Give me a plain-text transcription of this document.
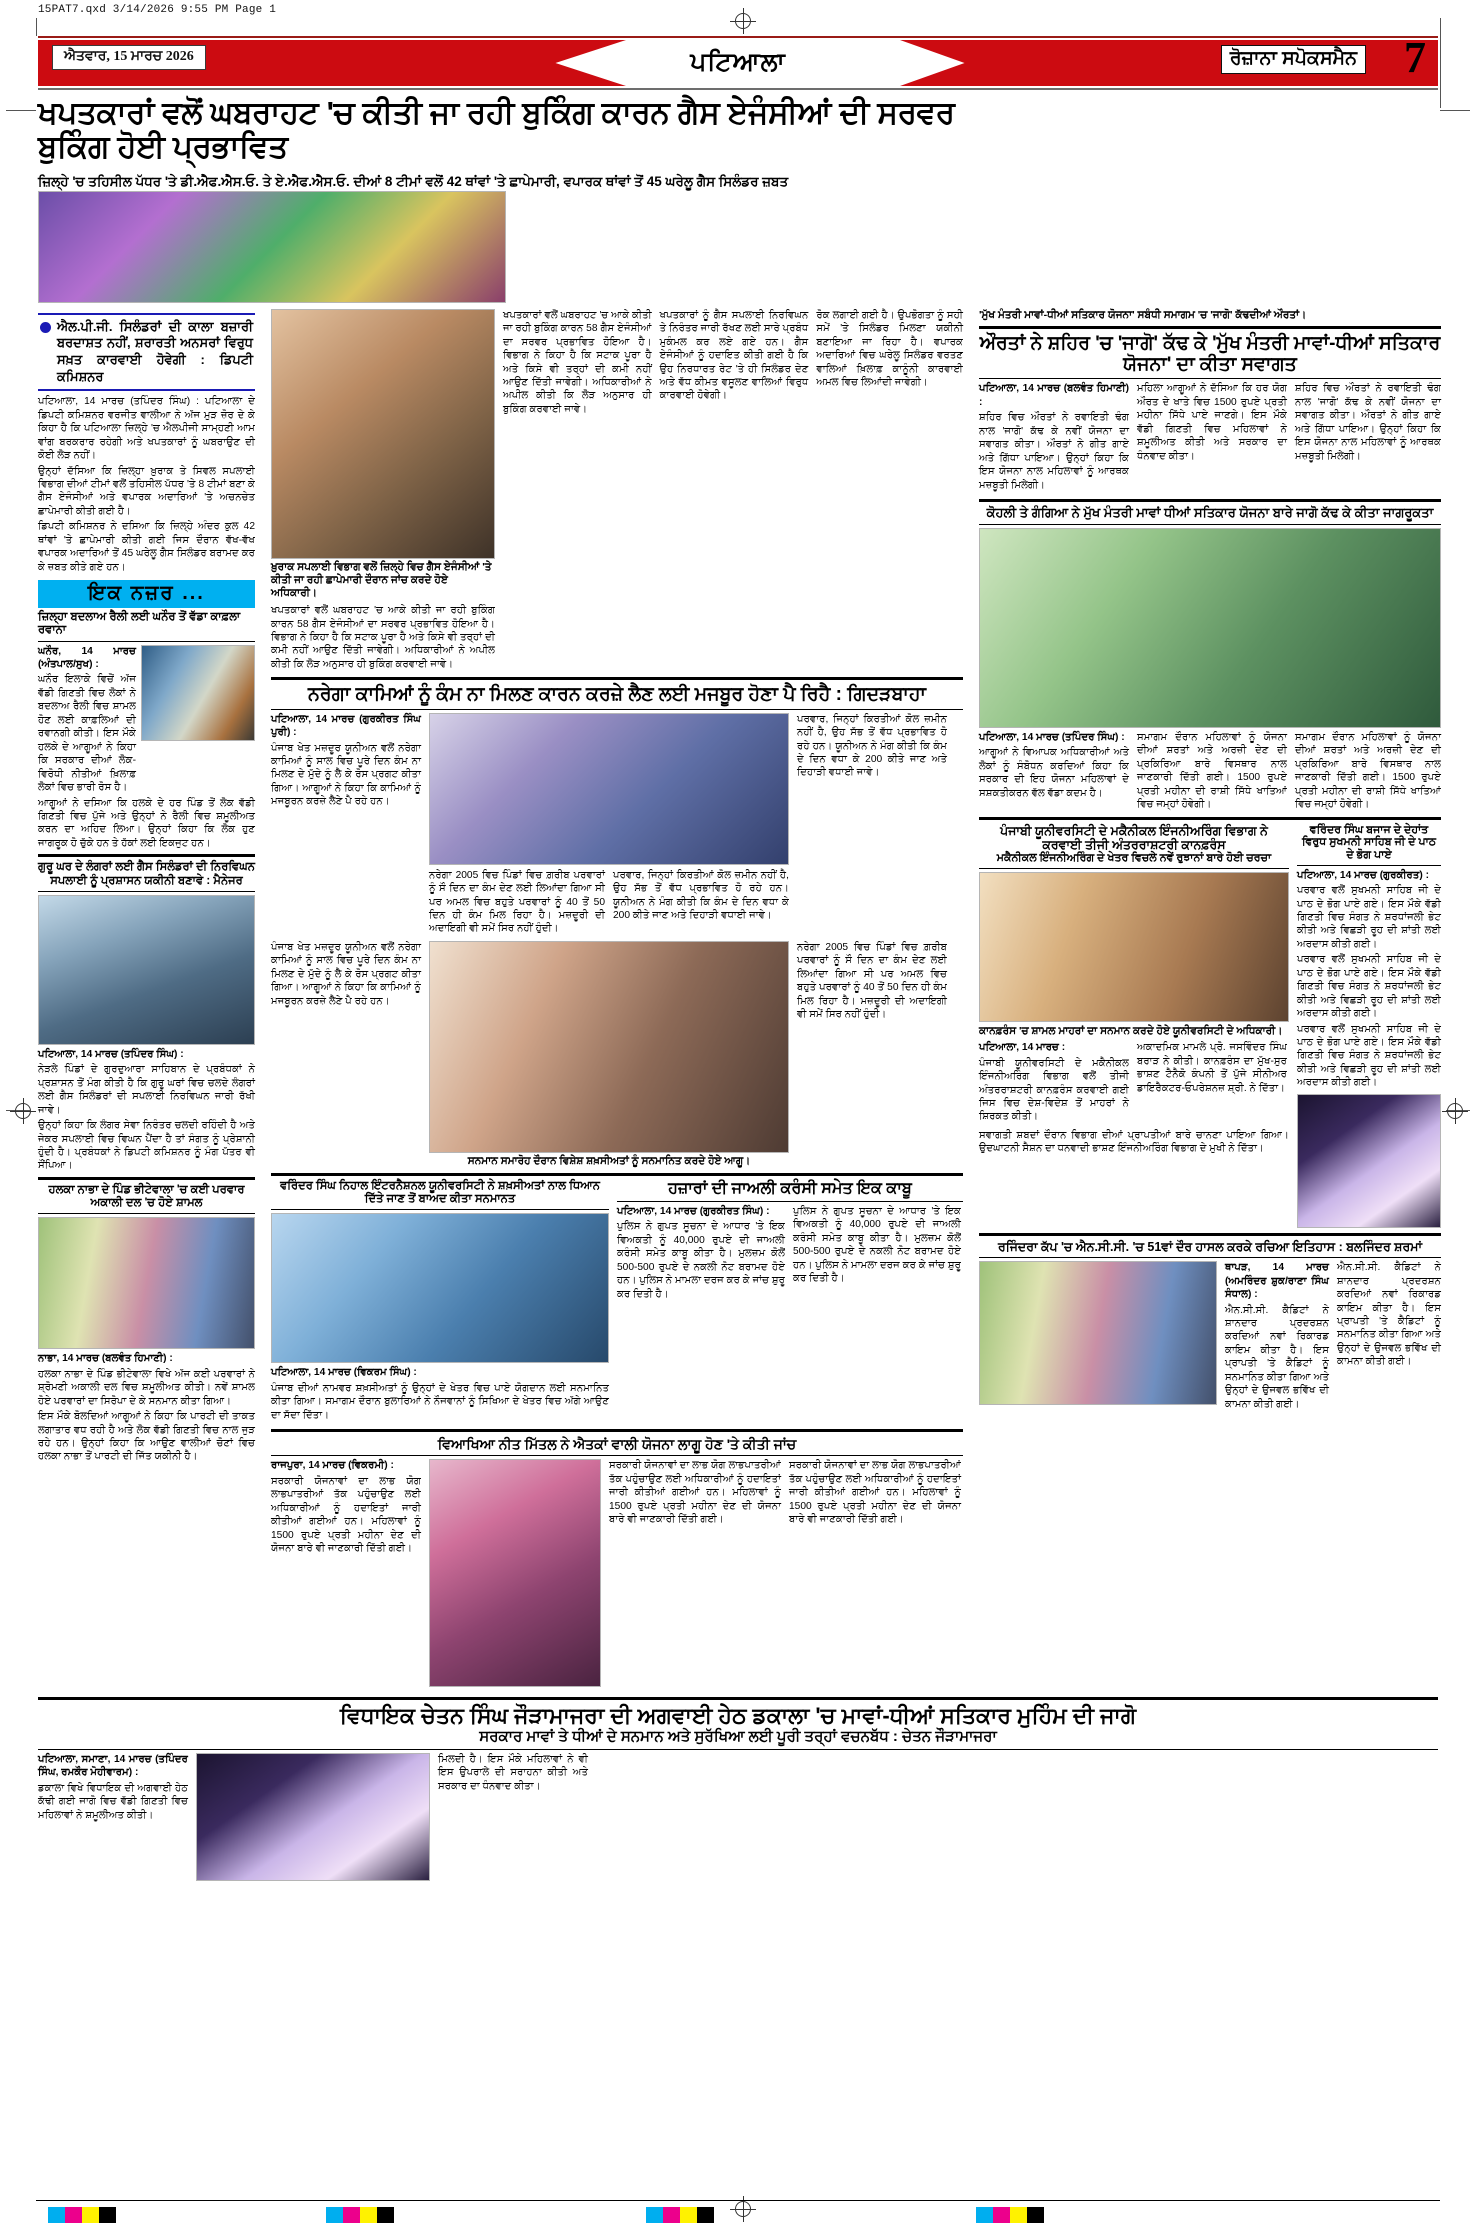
15PAT7.qxd 3/14/2026 9:55 PM Page 1
ਐਤਵਾਰ, 15 ਮਾਰਚ 2026	ਪਟਿਆਲਾ	ਰੋਜ਼ਾਨਾ ਸਪੋਕਸਮੈਨ 7
ਖਪਤਕਾਰਾਂ ਵਲੋਂ ਘਬਰਾਹਟ 'ਚ ਕੀਤੀ ਜਾ ਰਹੀ ਬੁਕਿੰਗ ਕਾਰਨ ਗੈਸ ਏਜੰਸੀਆਂ ਦੀ ਸਰਵਰ ਬੁਕਿੰਗ ਹੋਈ ਪ੍ਰਭਾਵਿਤ
ਜ਼ਿਲ੍ਹੇ 'ਚ ਤਹਿਸੀਲ ਪੱਧਰ 'ਤੇ ਡੀ.ਐਫ.ਐਸ.ਓ. ਤੇ ਏ.ਐਫ.ਐਸ.ਓ. ਦੀਆਂ 8 ਟੀਮਾਂ ਵਲੋਂ 42 ਥਾਂਵਾਂ 'ਤੇ ਛਾਪੇਮਾਰੀ, ਵਪਾਰਕ ਥਾਂਵਾਂ ਤੋਂ 45 ਘਰੇਲੂ ਗੈਸ ਸਿਲੰਡਰ ਜ਼ਬਤ
ਐਲ.ਪੀ.ਜੀ. ਸਿਲੰਡਰਾਂ ਦੀ ਕਾਲਾ ਬਜ਼ਾਰੀ ਬਰਦਾਸ਼ਤ ਨਹੀਂ, ਸ਼ਰਾਰਤੀ ਅਨਸਰਾਂ ਵਿਰੁਧ ਸਖ਼ਤ ਕਾਰਵਾਈ ਹੋਵੇਗੀ : ਡਿਪਟੀ ਕਮਿਸ਼ਨਰ

ਪਟਿਆਲਾ, 14 ਮਾਰਚ (ਤਪਿੰਦਰ ਸਿੰਘ) : ਪਟਿਆਲਾ ਦੇ ਡਿਪਟੀ ਕਮਿਸ਼ਨਰ ਵਰਜੀਤ ਵਾਲੀਆ ਨੇ ਅੱਜ ਮੁੜ ਜ਼ੋਰ ਦੇ ਕੇ ਕਿਹਾ ਹੈ ਕਿ ਪਟਿਆਲਾ ਜ਼ਿਲ੍ਹੇ 'ਚ ਐਲਪੀਜੀ ਸਾਮ੍ਹਣੀ ਆਮ ਵਾਂਗ ਬਰਕਰਾਰ ਰਹੇਗੀ ਅਤੇ ਖਪਤਕਾਰਾਂ ਨੂੰ ਘਬਰਾਉਣ ਦੀ ਕੋਈ ਲੋੜ ਨਹੀਂ।

ਉਨ੍ਹਾਂ ਦੱਸਿਆ ਕਿ ਜ਼ਿਲ੍ਹਾ ਖ਼ੁਰਾਕ ਤੇ ਸਿਵਲ ਸਪਲਾਈ ਵਿਭਾਗ ਦੀਆਂ ਟੀਮਾਂ ਵਲੋਂ ਤਹਿਸੀਲ ਪੱਧਰ 'ਤੇ 8 ਟੀਮਾਂ ਬਣਾ ਕੇ ਗੈਸ ਏਜੰਸੀਆਂ ਅਤੇ ਵਪਾਰਕ ਅਦਾਰਿਆਂ 'ਤੇ ਅਚਨਚੇਤ ਛਾਪੇਮਾਰੀ ਕੀਤੀ ਗਈ ਹੈ।

ਡਿਪਟੀ ਕਮਿਸ਼ਨਰ ਨੇ ਦਸਿਆ ਕਿ ਜ਼ਿਲ੍ਹੇ ਅੰਦਰ ਕੁਲ 42 ਥਾਂਵਾਂ 'ਤੇ ਛਾਪੇਮਾਰੀ ਕੀਤੀ ਗਈ ਜਿਸ ਦੌਰਾਨ ਵੱਖ-ਵੱਖ ਵਪਾਰਕ ਅਦਾਰਿਆਂ ਤੋਂ 45 ਘਰੇਲੂ ਗੈਸ ਸਿਲੰਡਰ ਬਰਾਮਦ ਕਰ ਕੇ ਜ਼ਬਤ ਕੀਤੇ ਗਏ ਹਨ।

ਇਕ ਨਜ਼ਰ ...
ਜ਼ਿਲ੍ਹਾ ਬਦਲਾਅ ਰੈਲੀ ਲਈ ਘਨੌਰ ਤੋਂ ਵੱਡਾ ਕਾਫ਼ਲਾ ਰਵਾਨਾ

ਘਨੌਰ, 14 ਮਾਰਚ (ਅੰਤਪਾਲ/ਸੁਖ) :

ਘਨੌਰ ਇਲਾਕੇ ਵਿਚੋਂ ਅੱਜ ਵੱਡੀ ਗਿਣਤੀ ਵਿਚ ਲੋਕਾਂ ਨੇ ਬਦਲਾਅ ਰੈਲੀ ਵਿਚ ਸ਼ਾਮਲ ਹੋਣ ਲਈ ਕਾਫ਼ਲਿਆਂ ਦੀ ਰਵਾਨਗੀ ਕੀਤੀ। ਇਸ ਮੌਕੇ ਹਲਕੇ ਦੇ ਆਗੂਆਂ ਨੇ ਕਿਹਾ ਕਿ ਸਰਕਾਰ ਦੀਆਂ ਲੋਕ-ਵਿਰੋਧੀ ਨੀਤੀਆਂ ਖ਼ਿਲਾਫ਼ ਲੋਕਾਂ ਵਿਚ ਭਾਰੀ ਰੋਸ ਹੈ।

ਆਗੂਆਂ ਨੇ ਦਸਿਆ ਕਿ ਹਲਕੇ ਦੇ ਹਰ ਪਿੰਡ ਤੋਂ ਲੋਕ ਵੱਡੀ ਗਿਣਤੀ ਵਿਚ ਪੁੱਜੇ ਅਤੇ ਉਨ੍ਹਾਂ ਨੇ ਰੈਲੀ ਵਿਚ ਸ਼ਮੂਲੀਅਤ ਕਰਨ ਦਾ ਅਹਿਦ ਲਿਆ। ਉਨ੍ਹਾਂ ਕਿਹਾ ਕਿ ਲੋਕ ਹੁਣ ਜਾਗਰੂਕ ਹੋ ਚੁੱਕੇ ਹਨ ਤੇ ਹੱਕਾਂ ਲਈ ਇਕਜੁਟ ਹਨ।

ਗੁਰੂ ਘਰ ਦੇ ਲੰਗਰਾਂ ਲਈ ਗੈਸ ਸਿਲੰਡਰਾਂ ਦੀ ਨਿਰਵਿਘਨ ਸਪਲਾਈ ਨੂੰ ਪ੍ਰਸ਼ਾਸਨ ਯਕੀਨੀ ਬਣਾਵੇ : ਮੈਨੇਜਰ

ਪਟਿਆਲਾ, 14 ਮਾਰਚ (ਤਪਿੰਦਰ ਸਿੰਘ) :

ਨੇੜਲੇ ਪਿੰਡਾਂ ਦੇ ਗੁਰਦੁਆਰਾ ਸਾਹਿਬਾਨ ਦੇ ਪ੍ਰਬੰਧਕਾਂ ਨੇ ਪ੍ਰਸ਼ਾਸਨ ਤੋਂ ਮੰਗ ਕੀਤੀ ਹੈ ਕਿ ਗੁਰੂ ਘਰਾਂ ਵਿਚ ਚਲਦੇ ਲੰਗਰਾਂ ਲਈ ਗੈਸ ਸਿਲੰਡਰਾਂ ਦੀ ਸਪਲਾਈ ਨਿਰਵਿਘਨ ਜਾਰੀ ਰੱਖੀ ਜਾਵੇ।

ਉਨ੍ਹਾਂ ਕਿਹਾ ਕਿ ਲੰਗਰ ਸੇਵਾ ਨਿਰੰਤਰ ਚਲਦੀ ਰਹਿੰਦੀ ਹੈ ਅਤੇ ਜੇਕਰ ਸਪਲਾਈ ਵਿਚ ਵਿਘਨ ਪੈਂਦਾ ਹੈ ਤਾਂ ਸੰਗਤ ਨੂੰ ਪ੍ਰੇਸ਼ਾਨੀ ਹੁੰਦੀ ਹੈ। ਪ੍ਰਬੰਧਕਾਂ ਨੇ ਡਿਪਟੀ ਕਮਿਸ਼ਨਰ ਨੂੰ ਮੰਗ ਪੱਤਰ ਵੀ ਸੌਂਪਿਆ।

ਹਲਕਾ ਨਾਭਾ ਦੇ ਪਿੰਡ ਭੀਟੇਵਾਲਾ 'ਚ ਕਈ ਪਰਵਾਰ ਅਕਾਲੀ ਦਲ 'ਚ ਹੋਏ ਸ਼ਾਮਲ

ਨਾਭਾ, 14 ਮਾਰਚ (ਬਲਵੰਤ ਹਿਮਾਣੀ) :

ਹਲਕਾ ਨਾਭਾ ਦੇ ਪਿੰਡ ਭੀਟੇਵਾਲਾ ਵਿਖੇ ਅੱਜ ਕਈ ਪਰਵਾਰਾਂ ਨੇ ਸ਼੍ਰੋਮਣੀ ਅਕਾਲੀ ਦਲ ਵਿਚ ਸ਼ਮੂਲੀਅਤ ਕੀਤੀ। ਨਵੇਂ ਸ਼ਾਮਲ ਹੋਏ ਪਰਵਾਰਾਂ ਦਾ ਸਿਰੋਪਾ ਦੇ ਕੇ ਸਨਮਾਨ ਕੀਤਾ ਗਿਆ।

ਇਸ ਮੌਕੇ ਬੋਲਦਿਆਂ ਆਗੂਆਂ ਨੇ ਕਿਹਾ ਕਿ ਪਾਰਟੀ ਦੀ ਤਾਕਤ ਲਗਾਤਾਰ ਵਧ ਰਹੀ ਹੈ ਅਤੇ ਲੋਕ ਵੱਡੀ ਗਿਣਤੀ ਵਿਚ ਨਾਲ ਜੁੜ ਰਹੇ ਹਨ। ਉਨ੍ਹਾਂ ਕਿਹਾ ਕਿ ਆਉਣ ਵਾਲੀਆਂ ਚੋਣਾਂ ਵਿਚ ਹਲਕਾ ਨਾਭਾ ਤੋਂ ਪਾਰਟੀ ਦੀ ਜਿੱਤ ਯਕੀਨੀ ਹੈ।

ਖ਼ੁਰਾਕ ਸਪਲਾਈ ਵਿਭਾਗ ਵਲੋਂ ਜ਼ਿਲ੍ਹੇ ਵਿਚ ਗੈਸ ਏਜੰਸੀਆਂ 'ਤੇ ਕੀਤੀ ਜਾ ਰਹੀ ਛਾਪੇਮਾਰੀ ਦੌਰਾਨ ਜਾਂਚ ਕਰਦੇ ਹੋਏ ਅਧਿਕਾਰੀ।
ਖਪਤਕਾਰਾਂ ਵਲੋਂ ਘਬਰਾਹਟ 'ਚ ਆਕੇ ਕੀਤੀ ਜਾ ਰਹੀ ਬੁਕਿੰਗ ਕਾਰਨ 58 ਗੈਸ ਏਜੰਸੀਆਂ ਦਾ ਸਰਵਰ ਪ੍ਰਭਾਵਿਤ ਹੋਇਆ ਹੈ। ਵਿਭਾਗ ਨੇ ਕਿਹਾ ਹੈ ਕਿ ਸਟਾਕ ਪੂਰਾ ਹੈ ਅਤੇ ਕਿਸੇ ਵੀ ਤਰ੍ਹਾਂ ਦੀ ਕਮੀ ਨਹੀਂ ਆਉਣ ਦਿੱਤੀ ਜਾਵੇਗੀ। ਅਧਿਕਾਰੀਆਂ ਨੇ ਅਪੀਲ ਕੀਤੀ ਕਿ ਲੋੜ ਅਨੁਸਾਰ ਹੀ ਬੁਕਿੰਗ ਕਰਵਾਈ ਜਾਵੇ।

ਖਪਤਕਾਰਾਂ ਵਲੋਂ ਘਬਰਾਹਟ 'ਚ ਆਕੇ ਕੀਤੀ ਜਾ ਰਹੀ ਬੁਕਿੰਗ ਕਾਰਨ 58 ਗੈਸ ਏਜੰਸੀਆਂ ਦਾ ਸਰਵਰ ਪ੍ਰਭਾਵਿਤ ਹੋਇਆ ਹੈ। ਵਿਭਾਗ ਨੇ ਕਿਹਾ ਹੈ ਕਿ ਸਟਾਕ ਪੂਰਾ ਹੈ ਅਤੇ ਕਿਸੇ ਵੀ ਤਰ੍ਹਾਂ ਦੀ ਕਮੀ ਨਹੀਂ ਆਉਣ ਦਿੱਤੀ ਜਾਵੇਗੀ। ਅਧਿਕਾਰੀਆਂ ਨੇ ਅਪੀਲ ਕੀਤੀ ਕਿ ਲੋੜ ਅਨੁਸਾਰ ਹੀ ਬੁਕਿੰਗ ਕਰਵਾਈ ਜਾਵੇ।

ਖਪਤਕਾਰਾਂ ਨੂੰ ਗੈਸ ਸਪਲਾਈ ਨਿਰਵਿਘਨ ਤੇ ਨਿਰੰਤਰ ਜਾਰੀ ਰੱਖਣ ਲਈ ਸਾਰੇ ਪ੍ਰਬੰਧ ਮੁਕੰਮਲ ਕਰ ਲਏ ਗਏ ਹਨ। ਗੈਸ ਏਜੰਸੀਆਂ ਨੂੰ ਹਦਾਇਤ ਕੀਤੀ ਗਈ ਹੈ ਕਿ ਉਹ ਨਿਰਧਾਰਤ ਰੇਟ 'ਤੇ ਹੀ ਸਿਲੰਡਰ ਦੇਣ ਅਤੇ ਵੱਧ ਕੀਮਤ ਵਸੂਲਣ ਵਾਲਿਆਂ ਵਿਰੁਧ ਕਾਰਵਾਈ ਹੋਵੇਗੀ।

ਰੋਕ ਲਗਾਈ ਗਈ ਹੈ। ਉਪਭੋਗਤਾ ਨੂੰ ਸਹੀ ਸਮੇਂ 'ਤੇ ਸਿਲੰਡਰ ਮਿਲਣਾ ਯਕੀਨੀ ਬਣਾਇਆ ਜਾ ਰਿਹਾ ਹੈ। ਵਪਾਰਕ ਅਦਾਰਿਆਂ ਵਿਚ ਘਰੇਲੂ ਸਿਲੰਡਰ ਵਰਤਣ ਵਾਲਿਆਂ ਖ਼ਿਲਾਫ਼ ਕਾਨੂੰਨੀ ਕਾਰਵਾਈ ਅਮਲ ਵਿਚ ਲਿਆਂਦੀ ਜਾਵੇਗੀ।

ਨਰੇਗਾ ਕਾਮਿਆਂ ਨੂੰ ਕੰਮ ਨਾ ਮਿਲਣ ਕਾਰਨ ਕਰਜ਼ੇ ਲੈਣ ਲਈ ਮਜਬੂਰ ਹੋਣਾ ਪੈ ਰਿਹੈ : ਗਿਦੜਬਾਹਾ

ਪਟਿਆਲਾ, 14 ਮਾਰਚ (ਗੁਰਕੀਰਤ ਸਿੰਘ ਪੁਰੀ) :

ਪੰਜਾਬ ਖੇਤ ਮਜ਼ਦੂਰ ਯੂਨੀਅਨ ਵਲੋਂ ਨਰੇਗਾ ਕਾਮਿਆਂ ਨੂੰ ਸਾਲ ਵਿਚ ਪੂਰੇ ਦਿਨ ਕੰਮ ਨਾ ਮਿਲਣ ਦੇ ਮੁੱਦੇ ਨੂੰ ਲੈ ਕੇ ਰੋਸ ਪ੍ਰਗਟ ਕੀਤਾ ਗਿਆ। ਆਗੂਆਂ ਨੇ ਕਿਹਾ ਕਿ ਕਾਮਿਆਂ ਨੂੰ ਮਜਬੂਰਨ ਕਰਜ਼ੇ ਲੈਣੇ ਪੈ ਰਹੇ ਹਨ।

ਨਰੇਗਾ 2005 ਵਿਚ ਪਿੰਡਾਂ ਵਿਚ ਗ਼ਰੀਬ ਪਰਵਾਰਾਂ ਨੂੰ ਸੌ ਦਿਨ ਦਾ ਕੰਮ ਦੇਣ ਲਈ ਲਿਆਂਦਾ ਗਿਆ ਸੀ ਪਰ ਅਮਲ ਵਿਚ ਬਹੁਤੇ ਪਰਵਾਰਾਂ ਨੂੰ 40 ਤੋਂ 50 ਦਿਨ ਹੀ ਕੰਮ ਮਿਲ ਰਿਹਾ ਹੈ। ਮਜ਼ਦੂਰੀ ਦੀ ਅਦਾਇਗੀ ਵੀ ਸਮੇਂ ਸਿਰ ਨਹੀਂ ਹੁੰਦੀ।
ਪਰਵਾਰ, ਜਿਨ੍ਹਾਂ ਕਿਰਤੀਆਂ ਕੋਲ ਜ਼ਮੀਨ ਨਹੀਂ ਹੈ, ਉਹ ਸੱਭ ਤੋਂ ਵੱਧ ਪ੍ਰਭਾਵਿਤ ਹੋ ਰਹੇ ਹਨ। ਯੂਨੀਅਨ ਨੇ ਮੰਗ ਕੀਤੀ ਕਿ ਕੰਮ ਦੇ ਦਿਨ ਵਧਾ ਕੇ 200 ਕੀਤੇ ਜਾਣ ਅਤੇ ਦਿਹਾੜੀ ਵਧਾਈ ਜਾਵੇ।

ਪਰਵਾਰ, ਜਿਨ੍ਹਾਂ ਕਿਰਤੀਆਂ ਕੋਲ ਜ਼ਮੀਨ ਨਹੀਂ ਹੈ, ਉਹ ਸੱਭ ਤੋਂ ਵੱਧ ਪ੍ਰਭਾਵਿਤ ਹੋ ਰਹੇ ਹਨ। ਯੂਨੀਅਨ ਨੇ ਮੰਗ ਕੀਤੀ ਕਿ ਕੰਮ ਦੇ ਦਿਨ ਵਧਾ ਕੇ 200 ਕੀਤੇ ਜਾਣ ਅਤੇ ਦਿਹਾੜੀ ਵਧਾਈ ਜਾਵੇ।

ਪੰਜਾਬ ਖੇਤ ਮਜ਼ਦੂਰ ਯੂਨੀਅਨ ਵਲੋਂ ਨਰੇਗਾ ਕਾਮਿਆਂ ਨੂੰ ਸਾਲ ਵਿਚ ਪੂਰੇ ਦਿਨ ਕੰਮ ਨਾ ਮਿਲਣ ਦੇ ਮੁੱਦੇ ਨੂੰ ਲੈ ਕੇ ਰੋਸ ਪ੍ਰਗਟ ਕੀਤਾ ਗਿਆ। ਆਗੂਆਂ ਨੇ ਕਿਹਾ ਕਿ ਕਾਮਿਆਂ ਨੂੰ ਮਜਬੂਰਨ ਕਰਜ਼ੇ ਲੈਣੇ ਪੈ ਰਹੇ ਹਨ।
ਸਨਮਾਨ ਸਮਾਰੋਹ ਦੌਰਾਨ ਵਿਸ਼ੇਸ਼ ਸ਼ਖ਼ਸੀਅਤਾਂ ਨੂੰ ਸਨਮਾਨਿਤ ਕਰਦੇ ਹੋਏ ਆਗੂ।
ਨਰੇਗਾ 2005 ਵਿਚ ਪਿੰਡਾਂ ਵਿਚ ਗ਼ਰੀਬ ਪਰਵਾਰਾਂ ਨੂੰ ਸੌ ਦਿਨ ਦਾ ਕੰਮ ਦੇਣ ਲਈ ਲਿਆਂਦਾ ਗਿਆ ਸੀ ਪਰ ਅਮਲ ਵਿਚ ਬਹੁਤੇ ਪਰਵਾਰਾਂ ਨੂੰ 40 ਤੋਂ 50 ਦਿਨ ਹੀ ਕੰਮ ਮਿਲ ਰਿਹਾ ਹੈ। ਮਜ਼ਦੂਰੀ ਦੀ ਅਦਾਇਗੀ ਵੀ ਸਮੇਂ ਸਿਰ ਨਹੀਂ ਹੁੰਦੀ।
ਵਰਿੰਦਰ ਸਿੰਘ ਨਿਹਾਲ ਇੰਟਰਨੈਸ਼ਨਲ ਯੂਨੀਵਰਸਿਟੀ ਨੇ ਸ਼ਖ਼ਸੀਅਤਾਂ ਨਾਲ ਧਿਆਨ ਦਿੱਤੇ ਜਾਣ ਤੋਂ ਬਾਅਦ ਕੀਤਾ ਸਨਮਾਨਤ

ਪਟਿਆਲਾ, 14 ਮਾਰਚ (ਵਿਕਰਮ ਸਿੰਘ) :

ਪੰਜਾਬ ਦੀਆਂ ਨਾਮਵਰ ਸ਼ਖ਼ਸੀਅਤਾਂ ਨੂੰ ਉਨ੍ਹਾਂ ਦੇ ਖੇਤਰ ਵਿਚ ਪਾਏ ਯੋਗਦਾਨ ਲਈ ਸਨਮਾਨਿਤ ਕੀਤਾ ਗਿਆ। ਸਮਾਗਮ ਦੌਰਾਨ ਬੁਲਾਰਿਆਂ ਨੇ ਨੌਜਵਾਨਾਂ ਨੂੰ ਸਿਖਿਆ ਦੇ ਖੇਤਰ ਵਿਚ ਅੱਗੇ ਆਉਣ ਦਾ ਸੱਦਾ ਦਿੱਤਾ।

ਹਜ਼ਾਰਾਂ ਦੀ ਜਾਅਲੀ ਕਰੰਸੀ ਸਮੇਤ ਇਕ ਕਾਬੂ

ਪਟਿਆਲਾ, 14 ਮਾਰਚ (ਗੁਰਕੀਰਤ ਸਿੰਘ) :

ਪੁਲਿਸ ਨੇ ਗੁਪਤ ਸੂਚਨਾ ਦੇ ਆਧਾਰ 'ਤੇ ਇਕ ਵਿਅਕਤੀ ਨੂੰ 40,000 ਰੁਪਏ ਦੀ ਜਾਅਲੀ ਕਰੰਸੀ ਸਮੇਤ ਕਾਬੂ ਕੀਤਾ ਹੈ। ਮੁਲਜ਼ਮ ਕੋਲੋਂ 500-500 ਰੁਪਏ ਦੇ ਨਕਲੀ ਨੋਟ ਬਰਾਮਦ ਹੋਏ ਹਨ। ਪੁਲਿਸ ਨੇ ਮਾਮਲਾ ਦਰਜ ਕਰ ਕੇ ਜਾਂਚ ਸ਼ੁਰੂ ਕਰ ਦਿਤੀ ਹੈ।

ਪੁਲਿਸ ਨੇ ਗੁਪਤ ਸੂਚਨਾ ਦੇ ਆਧਾਰ 'ਤੇ ਇਕ ਵਿਅਕਤੀ ਨੂੰ 40,000 ਰੁਪਏ ਦੀ ਜਾਅਲੀ ਕਰੰਸੀ ਸਮੇਤ ਕਾਬੂ ਕੀਤਾ ਹੈ। ਮੁਲਜ਼ਮ ਕੋਲੋਂ 500-500 ਰੁਪਏ ਦੇ ਨਕਲੀ ਨੋਟ ਬਰਾਮਦ ਹੋਏ ਹਨ। ਪੁਲਿਸ ਨੇ ਮਾਮਲਾ ਦਰਜ ਕਰ ਕੇ ਜਾਂਚ ਸ਼ੁਰੂ ਕਰ ਦਿਤੀ ਹੈ।
ਵਿਆਖਿਆ ਨੀਤ ਮਿੱਤਲ ਨੇ ਐਤਕਾਂ ਵਾਲੀ ਯੋਜਨਾ ਲਾਗੂ ਹੋਣ 'ਤੇ ਕੀਤੀ ਜਾਂਚ

ਰਾਜਪੁਰਾ, 14 ਮਾਰਚ (ਵਿਕਰਮੀ) :

ਸਰਕਾਰੀ ਯੋਜਨਾਵਾਂ ਦਾ ਲਾਭ ਯੋਗ ਲਾਭਪਾਤਰੀਆਂ ਤੱਕ ਪਹੁੰਚਾਉਣ ਲਈ ਅਧਿਕਾਰੀਆਂ ਨੂੰ ਹਦਾਇਤਾਂ ਜਾਰੀ ਕੀਤੀਆਂ ਗਈਆਂ ਹਨ। ਮਹਿਲਾਵਾਂ ਨੂੰ 1500 ਰੁਪਏ ਪ੍ਰਤੀ ਮਹੀਨਾ ਦੇਣ ਦੀ ਯੋਜਨਾ ਬਾਰੇ ਵੀ ਜਾਣਕਾਰੀ ਦਿੱਤੀ ਗਈ।

ਸਰਕਾਰੀ ਯੋਜਨਾਵਾਂ ਦਾ ਲਾਭ ਯੋਗ ਲਾਭਪਾਤਰੀਆਂ ਤੱਕ ਪਹੁੰਚਾਉਣ ਲਈ ਅਧਿਕਾਰੀਆਂ ਨੂੰ ਹਦਾਇਤਾਂ ਜਾਰੀ ਕੀਤੀਆਂ ਗਈਆਂ ਹਨ। ਮਹਿਲਾਵਾਂ ਨੂੰ 1500 ਰੁਪਏ ਪ੍ਰਤੀ ਮਹੀਨਾ ਦੇਣ ਦੀ ਯੋਜਨਾ ਬਾਰੇ ਵੀ ਜਾਣਕਾਰੀ ਦਿੱਤੀ ਗਈ।
ਸਰਕਾਰੀ ਯੋਜਨਾਵਾਂ ਦਾ ਲਾਭ ਯੋਗ ਲਾਭਪਾਤਰੀਆਂ ਤੱਕ ਪਹੁੰਚਾਉਣ ਲਈ ਅਧਿਕਾਰੀਆਂ ਨੂੰ ਹਦਾਇਤਾਂ ਜਾਰੀ ਕੀਤੀਆਂ ਗਈਆਂ ਹਨ। ਮਹਿਲਾਵਾਂ ਨੂੰ 1500 ਰੁਪਏ ਪ੍ਰਤੀ ਮਹੀਨਾ ਦੇਣ ਦੀ ਯੋਜਨਾ ਬਾਰੇ ਵੀ ਜਾਣਕਾਰੀ ਦਿੱਤੀ ਗਈ।
'ਮੁੱਖ ਮੰਤਰੀ ਮਾਵਾਂ-ਧੀਆਂ ਸਤਿਕਾਰ ਯੋਜਨਾ' ਸਬੰਧੀ ਸਮਾਗਮ 'ਚ 'ਜਾਗੋ' ਕੱਢਦੀਆਂ ਔਰਤਾਂ।
ਔਰਤਾਂ ਨੇ ਸ਼ਹਿਰ 'ਚ 'ਜਾਗੋ' ਕੱਢ ਕੇ 'ਮੁੱਖ ਮੰਤਰੀ ਮਾਵਾਂ-ਧੀਆਂ ਸਤਿਕਾਰ ਯੋਜਨਾ' ਦਾ ਕੀਤਾ ਸਵਾਗਤ

ਪਟਿਆਲਾ, 14 ਮਾਰਚ (ਬਲਵੰਤ ਹਿਮਾਣੀ) :

ਸ਼ਹਿਰ ਵਿਚ ਔਰਤਾਂ ਨੇ ਰਵਾਇਤੀ ਢੰਗ ਨਾਲ 'ਜਾਗੋ' ਕੱਢ ਕੇ ਨਵੀਂ ਯੋਜਨਾ ਦਾ ਸਵਾਗਤ ਕੀਤਾ। ਔਰਤਾਂ ਨੇ ਗੀਤ ਗਾਏ ਅਤੇ ਗਿੱਧਾ ਪਾਇਆ। ਉਨ੍ਹਾਂ ਕਿਹਾ ਕਿ ਇਸ ਯੋਜਨਾ ਨਾਲ ਮਹਿਲਾਵਾਂ ਨੂੰ ਆਰਥਕ ਮਜ਼ਬੂਤੀ ਮਿਲੇਗੀ।

ਮਹਿਲਾ ਆਗੂਆਂ ਨੇ ਦੱਸਿਆ ਕਿ ਹਰ ਯੋਗ ਔਰਤ ਦੇ ਖਾਤੇ ਵਿਚ 1500 ਰੁਪਏ ਪ੍ਰਤੀ ਮਹੀਨਾ ਸਿੱਧੇ ਪਾਏ ਜਾਣਗੇ। ਇਸ ਮੌਕੇ ਵੱਡੀ ਗਿਣਤੀ ਵਿਚ ਮਹਿਲਾਵਾਂ ਨੇ ਸ਼ਮੂਲੀਅਤ ਕੀਤੀ ਅਤੇ ਸਰਕਾਰ ਦਾ ਧੰਨਵਾਦ ਕੀਤਾ।
ਸ਼ਹਿਰ ਵਿਚ ਔਰਤਾਂ ਨੇ ਰਵਾਇਤੀ ਢੰਗ ਨਾਲ 'ਜਾਗੋ' ਕੱਢ ਕੇ ਨਵੀਂ ਯੋਜਨਾ ਦਾ ਸਵਾਗਤ ਕੀਤਾ। ਔਰਤਾਂ ਨੇ ਗੀਤ ਗਾਏ ਅਤੇ ਗਿੱਧਾ ਪਾਇਆ। ਉਨ੍ਹਾਂ ਕਿਹਾ ਕਿ ਇਸ ਯੋਜਨਾ ਨਾਲ ਮਹਿਲਾਵਾਂ ਨੂੰ ਆਰਥਕ ਮਜ਼ਬੂਤੀ ਮਿਲੇਗੀ।
ਕੋਹਲੀ ਤੇ ਗੰਗਿਆ ਨੇ ਮੁੱਖ ਮੰਤਰੀ ਮਾਵਾਂ ਧੀਆਂ ਸਤਿਕਾਰ ਯੋਜਨਾ ਬਾਰੇ ਜਾਗੋ ਕੱਢ ਕੇ ਕੀਤਾ ਜਾਗਰੂਕਤਾ

ਪਟਿਆਲਾ, 14 ਮਾਰਚ (ਤਪਿੰਦਰ ਸਿੰਘ) :

ਆਗੂਆਂ ਨੇ ਵਿਆਪਕ ਅਧਿਕਾਰੀਆਂ ਅਤੇ ਲੋਕਾਂ ਨੂੰ ਸੰਬੋਧਨ ਕਰਦਿਆਂ ਕਿਹਾ ਕਿ ਸਰਕਾਰ ਦੀ ਇਹ ਯੋਜਨਾ ਮਹਿਲਾਵਾਂ ਦੇ ਸਸ਼ਕਤੀਕਰਨ ਵੱਲ ਵੱਡਾ ਕਦਮ ਹੈ।

ਸਮਾਗਮ ਦੌਰਾਨ ਮਹਿਲਾਵਾਂ ਨੂੰ ਯੋਜਨਾ ਦੀਆਂ ਸ਼ਰਤਾਂ ਅਤੇ ਅਰਜ਼ੀ ਦੇਣ ਦੀ ਪ੍ਰਕਿਰਿਆ ਬਾਰੇ ਵਿਸਥਾਰ ਨਾਲ ਜਾਣਕਾਰੀ ਦਿੱਤੀ ਗਈ। 1500 ਰੁਪਏ ਪ੍ਰਤੀ ਮਹੀਨਾ ਦੀ ਰਾਸ਼ੀ ਸਿੱਧੇ ਖਾਤਿਆਂ ਵਿਚ ਜਮ੍ਹਾਂ ਹੋਵੇਗੀ।
ਸਮਾਗਮ ਦੌਰਾਨ ਮਹਿਲਾਵਾਂ ਨੂੰ ਯੋਜਨਾ ਦੀਆਂ ਸ਼ਰਤਾਂ ਅਤੇ ਅਰਜ਼ੀ ਦੇਣ ਦੀ ਪ੍ਰਕਿਰਿਆ ਬਾਰੇ ਵਿਸਥਾਰ ਨਾਲ ਜਾਣਕਾਰੀ ਦਿੱਤੀ ਗਈ। 1500 ਰੁਪਏ ਪ੍ਰਤੀ ਮਹੀਨਾ ਦੀ ਰਾਸ਼ੀ ਸਿੱਧੇ ਖਾਤਿਆਂ ਵਿਚ ਜਮ੍ਹਾਂ ਹੋਵੇਗੀ।
ਪੰਜਾਬੀ ਯੂਨੀਵਰਸਿਟੀ ਦੇ ਮਕੈਨੀਕਲ ਇੰਜਨੀਅਰਿੰਗ ਵਿਭਾਗ ਨੇ ਕਰਵਾਈ ਤੀਜੀ ਅੰਤਰਰਾਸ਼ਟਰੀ ਕਾਨਫ਼ਰੰਸ
ਮਕੈਨੀਕਲ ਇੰਜਨੀਅਰਿੰਗ ਦੇ ਖੇਤਰ ਵਿਚਲੇ ਨਵੇਂ ਰੁਝਾਨਾਂ ਬਾਰੇ ਹੋਈ ਚਰਚਾ
ਕਾਨਫ਼ਰੰਸ 'ਚ ਸ਼ਾਮਲ ਮਾਹਰਾਂ ਦਾ ਸਨਮਾਨ ਕਰਦੇ ਹੋਏ ਯੂਨੀਵਰਸਿਟੀ ਦੇ ਅਧਿਕਾਰੀ।

ਪਟਿਆਲਾ, 14 ਮਾਰਚ :

ਪੰਜਾਬੀ ਯੂਨੀਵਰਸਿਟੀ ਦੇ ਮਕੈਨੀਕਲ ਇੰਜਨੀਅਰਿੰਗ ਵਿਭਾਗ ਵਲੋਂ ਤੀਜੀ ਅੰਤਰਰਾਸ਼ਟਰੀ ਕਾਨਫ਼ਰੰਸ ਕਰਵਾਈ ਗਈ ਜਿਸ ਵਿਚ ਦੇਸ਼-ਵਿਦੇਸ਼ ਤੋਂ ਮਾਹਰਾਂ ਨੇ ਸ਼ਿਰਕਤ ਕੀਤੀ।

ਅਕਾਦਮਿਕ ਮਾਮਲੇ ਪ੍ਰੋ. ਜਸਵਿੰਦਰ ਸਿੰਘ ਬਰਾੜ ਨੇ ਕੀਤੀ। ਕਾਨਫ਼ਰੰਸ ਦਾ ਮੁੱਖ-ਸੁਰ ਭਾਸ਼ਣ ਟੈਨੈਕੋ ਕੰਪਨੀ ਤੋਂ ਪੁੱਜੇ ਸੀਨੀਅਰ ਡਾਇਰੈਕਟਰ-ਓਪਰੇਸ਼ਨਜ਼ ਸ਼੍ਰੀ. ਨੇ ਦਿੱਤਾ।
ਸਵਾਗਤੀ ਸ਼ਬਦਾਂ ਦੌਰਾਨ ਵਿਭਾਗ ਦੀਆਂ ਪ੍ਰਾਪਤੀਆਂ ਬਾਰੇ ਚਾਨਣਾ ਪਾਇਆ ਗਿਆ। ਉਦਘਾਟਨੀ ਸੈਸ਼ਨ ਦਾ ਧਨਵਾਦੀ ਭਾਸ਼ਣ ਇੰਜਨੀਅਰਿੰਗ ਵਿਭਾਗ ਦੇ ਮੁਖੀ ਨੇ ਦਿੱਤਾ।
ਵਰਿੰਦਰ ਸਿੰਘ ਬਜਾਜ ਦੇ ਦੇਹਾਂਤ ਵਿਰੁਧ ਸੁਖਮਨੀ ਸਾਹਿਬ ਜੀ ਦੇ ਪਾਠ ਦੇ ਭੋਗ ਪਾਏ

ਪਟਿਆਲਾ, 14 ਮਾਰਚ (ਗੁਰਕੀਰਤ) :

ਪਰਵਾਰ ਵਲੋਂ ਸੁਖਮਨੀ ਸਾਹਿਬ ਜੀ ਦੇ ਪਾਠ ਦੇ ਭੋਗ ਪਾਏ ਗਏ। ਇਸ ਮੌਕੇ ਵੱਡੀ ਗਿਣਤੀ ਵਿਚ ਸੰਗਤ ਨੇ ਸ਼ਰਧਾਂਜਲੀ ਭੇਟ ਕੀਤੀ ਅਤੇ ਵਿਛੜੀ ਰੂਹ ਦੀ ਸ਼ਾਂਤੀ ਲਈ ਅਰਦਾਸ ਕੀਤੀ ਗਈ।

ਪਰਵਾਰ ਵਲੋਂ ਸੁਖਮਨੀ ਸਾਹਿਬ ਜੀ ਦੇ ਪਾਠ ਦੇ ਭੋਗ ਪਾਏ ਗਏ। ਇਸ ਮੌਕੇ ਵੱਡੀ ਗਿਣਤੀ ਵਿਚ ਸੰਗਤ ਨੇ ਸ਼ਰਧਾਂਜਲੀ ਭੇਟ ਕੀਤੀ ਅਤੇ ਵਿਛੜੀ ਰੂਹ ਦੀ ਸ਼ਾਂਤੀ ਲਈ ਅਰਦਾਸ ਕੀਤੀ ਗਈ।

ਪਰਵਾਰ ਵਲੋਂ ਸੁਖਮਨੀ ਸਾਹਿਬ ਜੀ ਦੇ ਪਾਠ ਦੇ ਭੋਗ ਪਾਏ ਗਏ। ਇਸ ਮੌਕੇ ਵੱਡੀ ਗਿਣਤੀ ਵਿਚ ਸੰਗਤ ਨੇ ਸ਼ਰਧਾਂਜਲੀ ਭੇਟ ਕੀਤੀ ਅਤੇ ਵਿਛੜੀ ਰੂਹ ਦੀ ਸ਼ਾਂਤੀ ਲਈ ਅਰਦਾਸ ਕੀਤੀ ਗਈ।

ਰਜਿੰਦਰਾ ਕੱਪ 'ਚ ਐਨ.ਸੀ.ਸੀ. 'ਚ 51ਵਾਂ ਦੌਰ ਹਾਸਲ ਕਰਕੇ ਰਚਿਆ ਇਤਿਹਾਸ : ਬਲਜਿੰਦਰ ਸ਼ਰਮਾਂ

ਥਾਪੜ, 14 ਮਾਰਚ (ਅਮਰਿੰਦਰ ਸ਼ੁਕ/ਰਾਣਾ ਸਿੰਘ ਸੰਧਾਲ) :

ਐਨ.ਸੀ.ਸੀ. ਕੈਡਿਟਾਂ ਨੇ ਸ਼ਾਨਦਾਰ ਪ੍ਰਦਰਸ਼ਨ ਕਰਦਿਆਂ ਨਵਾਂ ਰਿਕਾਰਡ ਕਾਇਮ ਕੀਤਾ ਹੈ। ਇਸ ਪ੍ਰਾਪਤੀ 'ਤੇ ਕੈਡਿਟਾਂ ਨੂੰ ਸਨਮਾਨਿਤ ਕੀਤਾ ਗਿਆ ਅਤੇ ਉਨ੍ਹਾਂ ਦੇ ਉਜਵਲ ਭਵਿੱਖ ਦੀ ਕਾਮਨਾ ਕੀਤੀ ਗਈ।

ਐਨ.ਸੀ.ਸੀ. ਕੈਡਿਟਾਂ ਨੇ ਸ਼ਾਨਦਾਰ ਪ੍ਰਦਰਸ਼ਨ ਕਰਦਿਆਂ ਨਵਾਂ ਰਿਕਾਰਡ ਕਾਇਮ ਕੀਤਾ ਹੈ। ਇਸ ਪ੍ਰਾਪਤੀ 'ਤੇ ਕੈਡਿਟਾਂ ਨੂੰ ਸਨਮਾਨਿਤ ਕੀਤਾ ਗਿਆ ਅਤੇ ਉਨ੍ਹਾਂ ਦੇ ਉਜਵਲ ਭਵਿੱਖ ਦੀ ਕਾਮਨਾ ਕੀਤੀ ਗਈ।
ਵਿਧਾਇਕ ਚੇਤਨ ਸਿੰਘ ਜੌੜਾਮਾਜਰਾ ਦੀ ਅਗਵਾਈ ਹੇਠ ਡਕਾਲਾ 'ਚ ਮਾਵਾਂ-ਧੀਆਂ ਸਤਿਕਾਰ ਮੁਹਿੰਮ ਦੀ ਜਾਗੋ
ਸਰਕਾਰ ਮਾਵਾਂ ਤੇ ਧੀਆਂ ਦੇ ਸਨਮਾਨ ਅਤੇ ਸੁਰੱਖਿਆ ਲਈ ਪੂਰੀ ਤਰ੍ਹਾਂ ਵਚਨਬੱਧ : ਚੇਤਨ ਜੌੜਾਮਾਜਰਾ

ਪਟਿਆਲਾ, ਸਮਾਣਾ, 14 ਮਾਰਚ (ਤਪਿੰਦਰ ਸਿੰਘ, ਰਮਕੌਰ ਮੋਹੀਵਾਰਮ) :

ਡਕਾਲਾ ਵਿਖੇ ਵਿਧਾਇਕ ਦੀ ਅਗਵਾਈ ਹੇਠ ਕੱਢੀ ਗਈ ਜਾਗੋ ਵਿਚ ਵੱਡੀ ਗਿਣਤੀ ਵਿਚ ਮਹਿਲਾਵਾਂ ਨੇ ਸ਼ਮੂਲੀਅਤ ਕੀਤੀ।

ਮਿਲਦੀ ਹੈ। ਇਸ ਮੌਕੇ ਮਹਿਲਾਵਾਂ ਨੇ ਵੀ ਇਸ ਉਪਰਾਲੇ ਦੀ ਸਰਾਹਨਾ ਕੀਤੀ ਅਤੇ ਸਰਕਾਰ ਦਾ ਧੰਨਵਾਦ ਕੀਤਾ।
